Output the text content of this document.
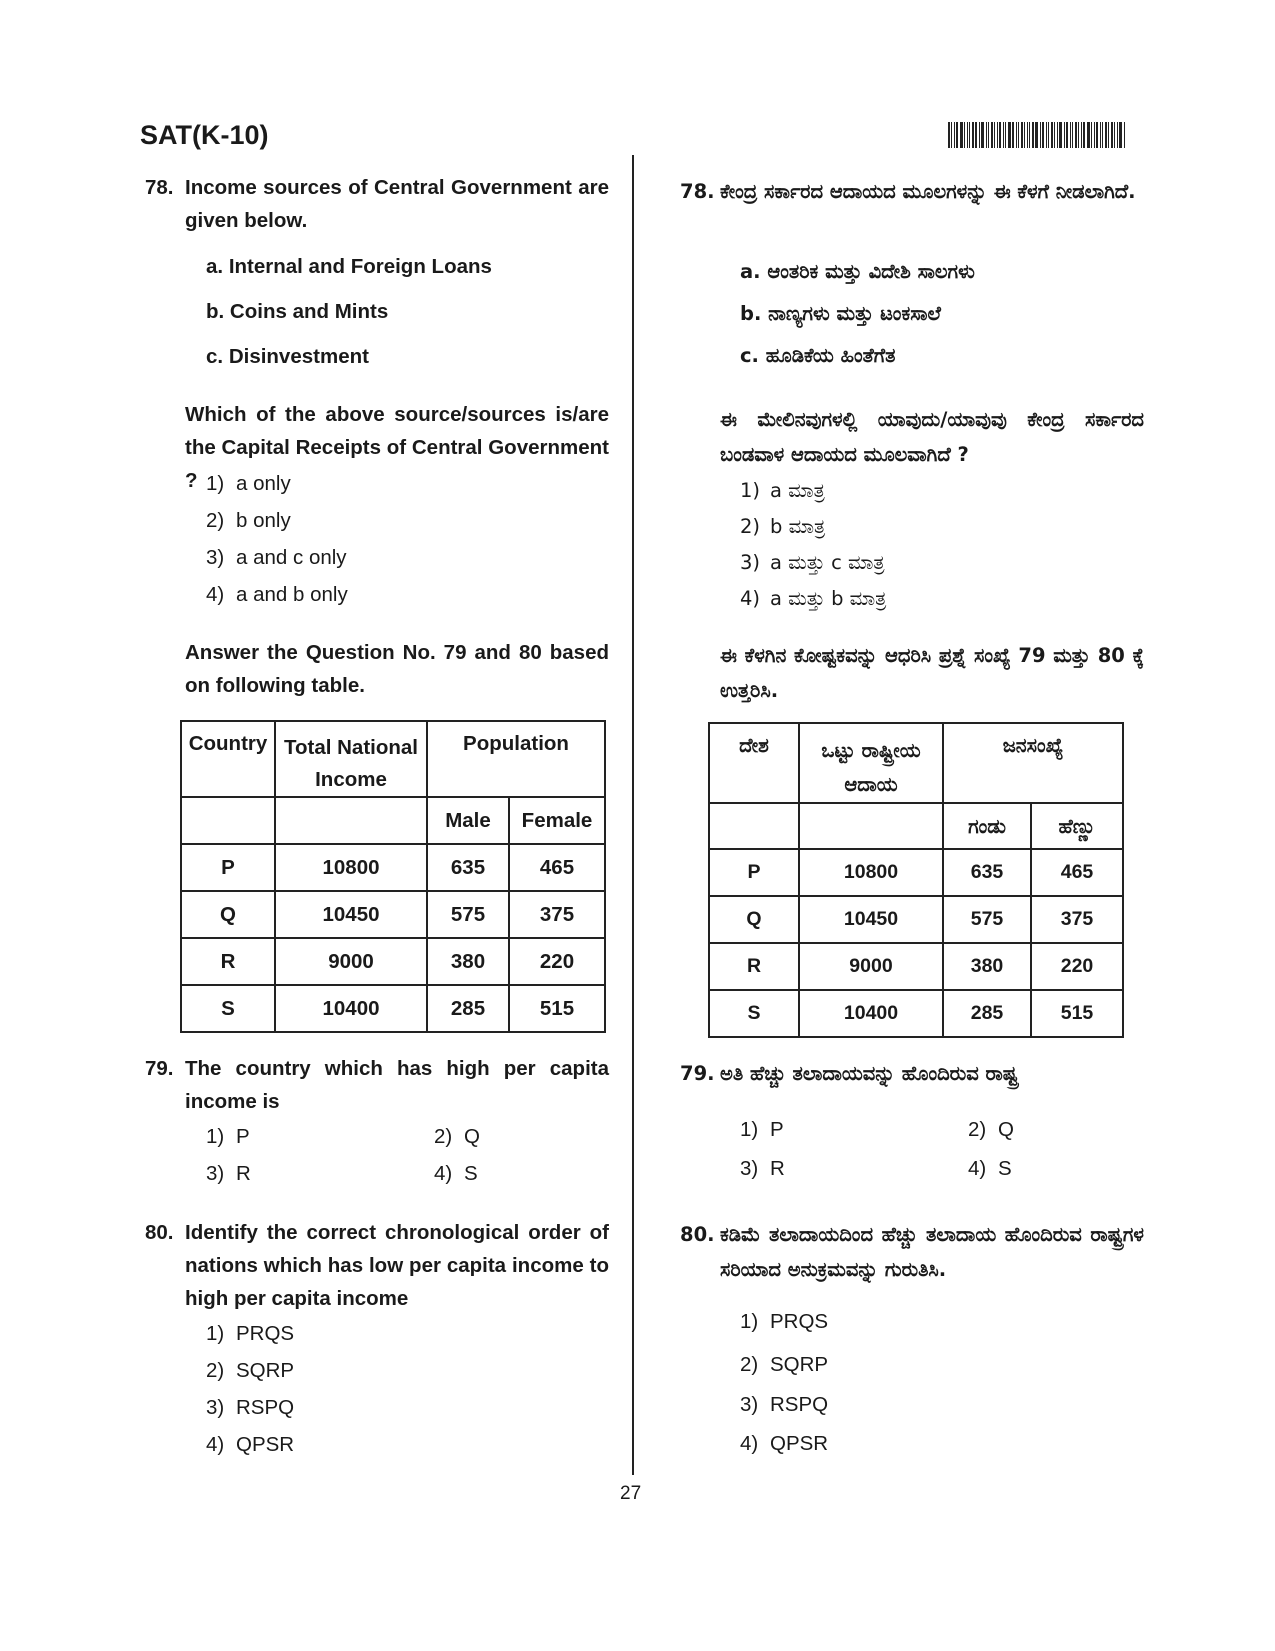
SAT(K-10)
27
78. Income sources of Central Government are given below.
a. Internal and Foreign Loans
b. Coins and Mints
c. Disinvestment
Which of the above source/sources is/are the Capital Receipts of Central Government ? 1) a only
2) b only
3) a and c only
4) a and b only
Answer the Question No. 79 and 80 based on following table.
Country	Total National Income	Population	
		Male	Female
P	10800	635	465
Q	10450	575	375
R	9000	380	220
S	10400	285	515
79. The country which has high per capita income is
1) P	2) Q
3) R	4) S
80. Identify the correct chronological order of nations which has low per capita income to high per capita income
1) PRQS
2) SQRP
3) RSPQ
4) QPSR
78. ಕೇಂದ್ರ ಸರ್ಕಾರದ ಆದಾಯದ ಮೂಲಗಳನ್ನು ಈ ಕೆಳಗೆ ನೀಡಲಾಗಿದೆ.
a. ಆಂತರಿಕ ಮತ್ತು ವಿದೇಶಿ ಸಾಲಗಳು
b. ನಾಣ್ಯಗಳು ಮತ್ತು ಟಂಕಸಾಲೆ
c. ಹೂಡಿಕೆಯ ಹಿಂತೆಗೆತ
ಈ ಮೇಲಿನವುಗಳಲ್ಲಿ ಯಾವುದು/ಯಾವುವು ಕೇಂದ್ರ ಸರ್ಕಾರದ ಬಂಡವಾಳ ಆದಾಯದ ಮೂಲವಾಗಿದೆ ?
1) a ಮಾತ್ರ
2) b ಮಾತ್ರ
3) a ಮತ್ತು c ಮಾತ್ರ
4) a ಮತ್ತು b ಮಾತ್ರ
ಈ ಕೆಳಗಿನ ಕೋಷ್ಟಕವನ್ನು ಆಧರಿಸಿ ಪ್ರಶ್ನೆ ಸಂಖ್ಯೆ 79 ಮತ್ತು 80 ಕ್ಕೆ ಉತ್ತರಿಸಿ.
ದೇಶ	ಒಟ್ಟು ರಾಷ್ಟ್ರೀಯ ಆದಾಯ	ಜನಸಂಖ್ಯೆ	
		ಗಂಡು	ಹೆಣ್ಣು
P	10800	635	465
Q	10450	575	375
R	9000	380	220
S	10400	285	515
79. ಅತಿ ಹೆಚ್ಚು ತಲಾದಾಯವನ್ನು ಹೊಂದಿರುವ ರಾಷ್ಟ್ರ
1) P	2) Q
3) R	4) S
80. ಕಡಿಮೆ ತಲಾದಾಯದಿಂದ ಹೆಚ್ಚು ತಲಾದಾಯ ಹೊಂದಿರುವ ರಾಷ್ಟ್ರಗಳ ಸರಿಯಾದ ಅನುಕ್ರಮವನ್ನು ಗುರುತಿಸಿ.
1) PRQS
2) SQRP
3) RSPQ
4) QPSR
